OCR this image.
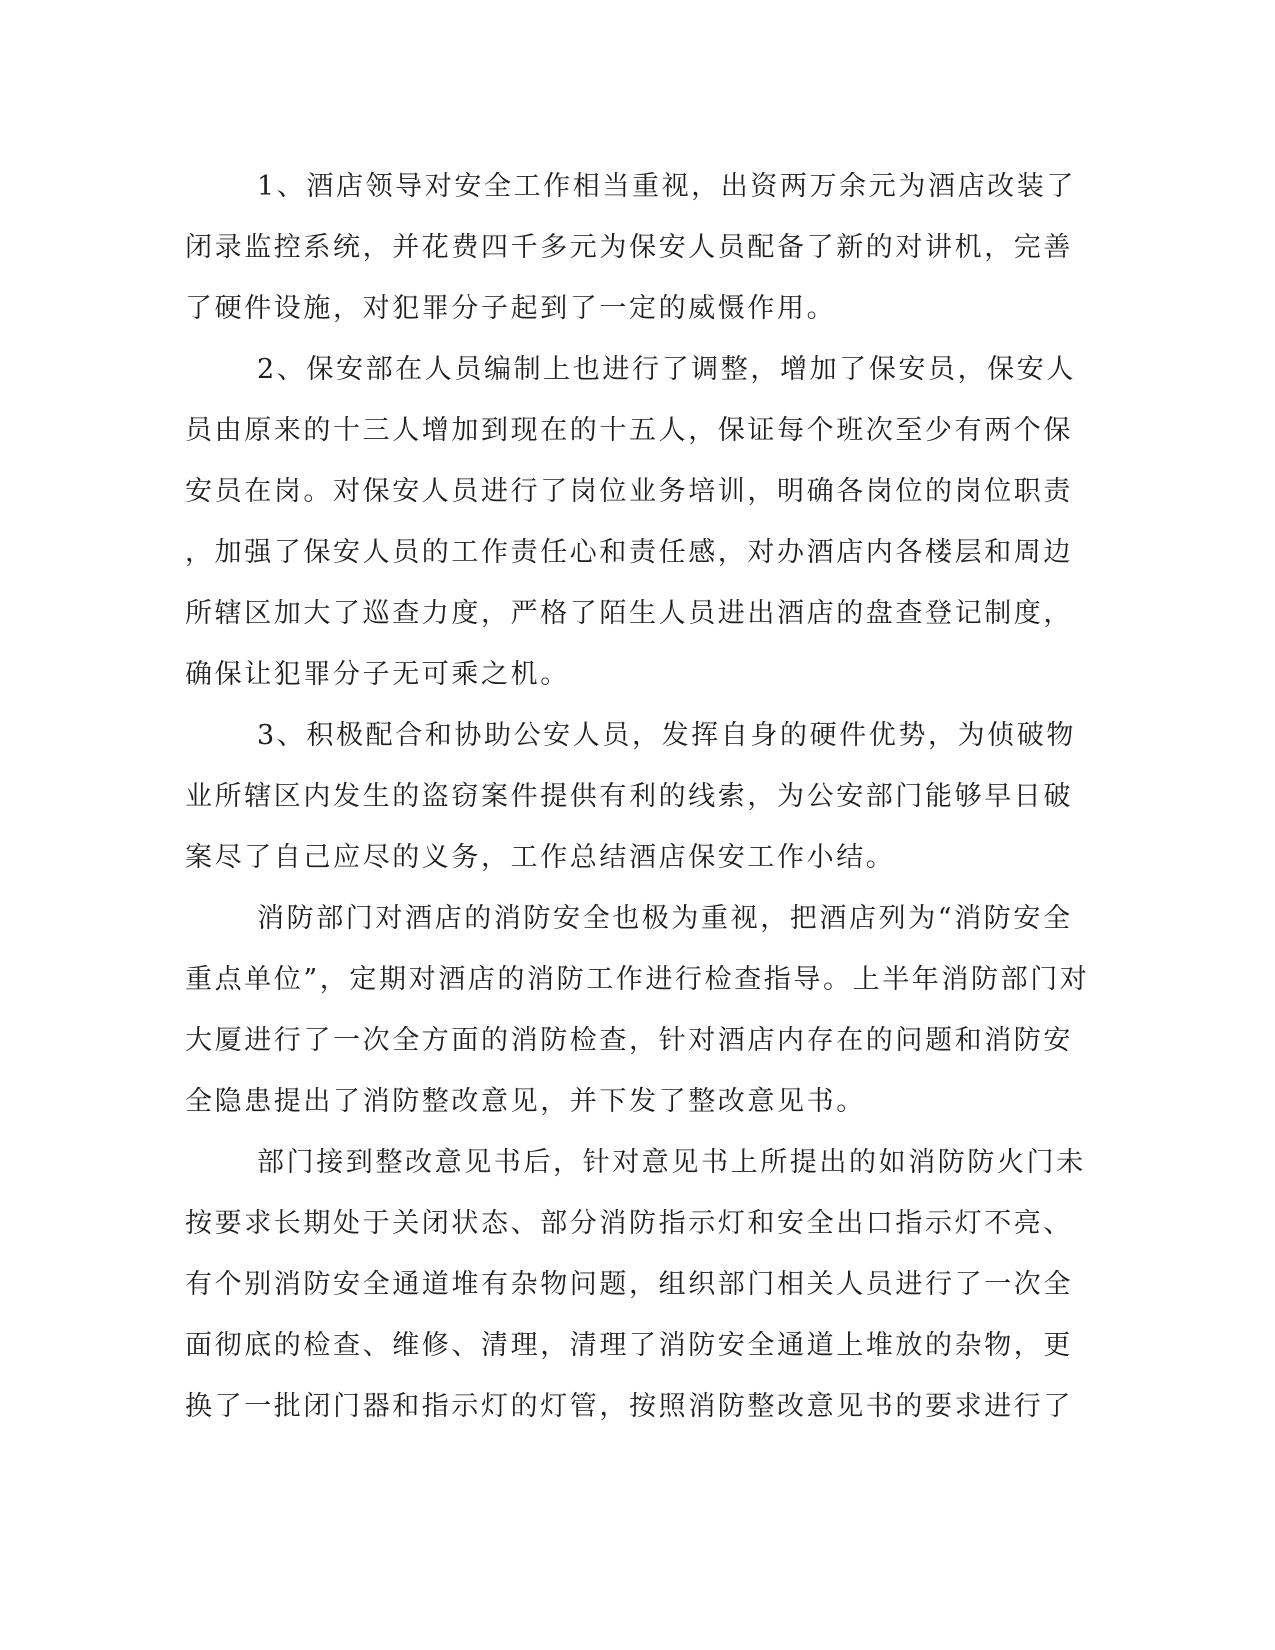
1、酒店领导对安全工作相当重视，出资两万余元为酒店改装了
闭录监控系统，并花费四千多元为保安人员配备了新的对讲机，完善
了硬件设施，对犯罪分子起到了一定的威慑作用。
2、保安部在人员编制上也进行了调整，增加了保安员，保安人
员由原来的十三人增加到现在的十五人，保证每个班次至少有两个保
安员在岗。对保安人员进行了岗位业务培训，明确各岗位的岗位职责
，加强了保安人员的工作责任心和责任感，对办酒店内各楼层和周边
所辖区加大了巡查力度，严格了陌生人员进出酒店的盘查登记制度，
确保让犯罪分子无可乘之机。
3、积极配合和协助公安人员，发挥自身的硬件优势，为侦破物
业所辖区内发生的盗窃案件提供有利的线索，为公安部门能够早日破
案尽了自己应尽的义务，工作总结酒店保安工作小结。
消防部门对酒店的消防安全也极为重视，把酒店列为“消防安全
重点单位”，定期对酒店的消防工作进行检查指导。上半年消防部门对
大厦进行了一次全方面的消防检查，针对酒店内存在的问题和消防安
全隐患提出了消防整改意见，并下发了整改意见书。
部门接到整改意见书后，针对意见书上所提出的如消防防火门未
按要求长期处于关闭状态、部分消防指示灯和安全出口指示灯不亮、
有个别消防安全通道堆有杂物问题，组织部门相关人员进行了一次全
面彻底的检查、维修、清理，清理了消防安全通道上堆放的杂物，更
换了一批闭门器和指示灯的灯管，按照消防整改意见书的要求进行了
